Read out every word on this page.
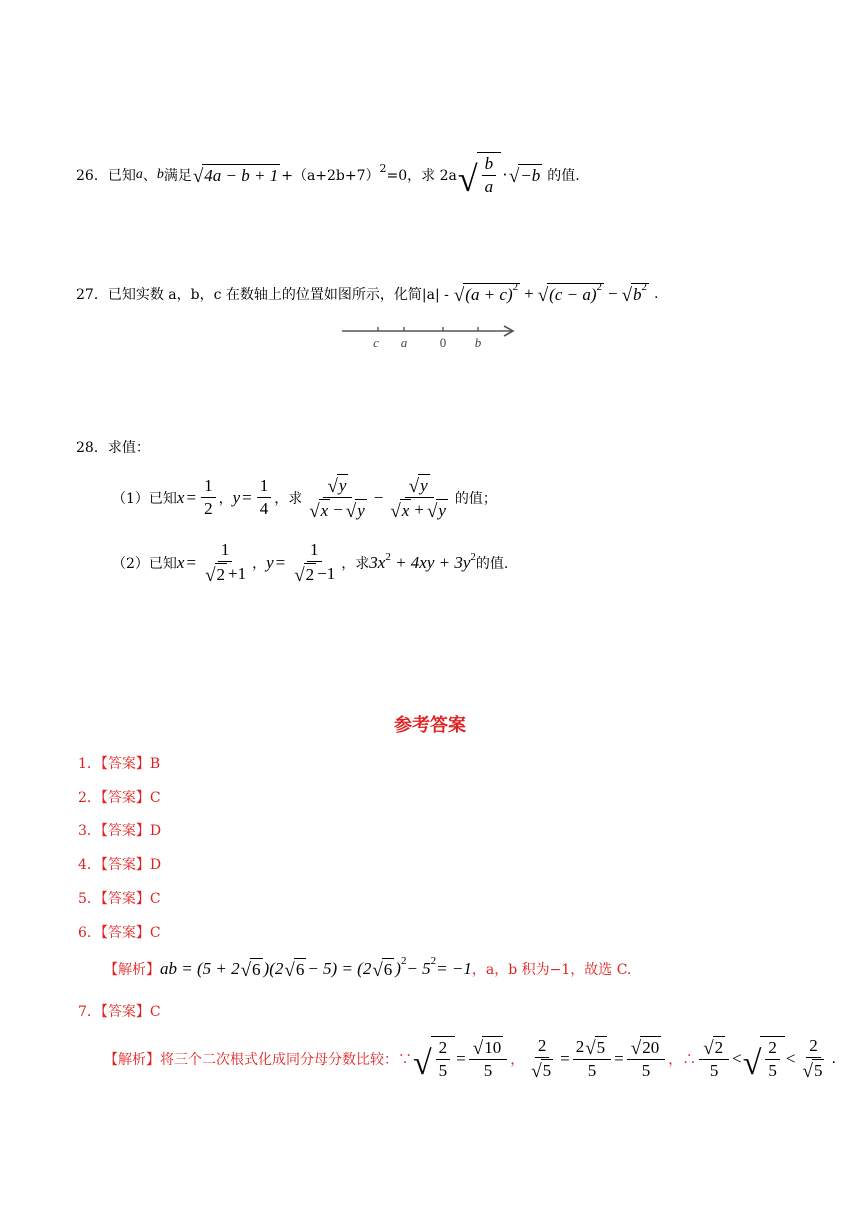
26． 已知 a 、 b 满足 √ 4a − b + 1 +（a+2b+7） 2 =0，求 2a √ $\frac{b}{a}$ · √ −b 的值.
27． 已知实数 a，b，c 在数轴上的位置如图所示，化简|a| - √ (a + c) 2 + √ (c − a) 2 − √ b 2 .
c a	0 b
28． 求值：
（1）已知 $x = \frac{1}{2}$ ， $y = \frac{1}{4}$ ，求 $\frac{√ y}{√ x - √ y} - \frac{√ y}{√ x + √ y}$ 的值；
（2）已知 $x = \frac{1}{√ 2 +1}$ ， $y = \frac{1}{√ 2 -1}$ ，求 $3x^2 + 4xy + 3y^2$ 的值.
参考答案
1．【答案】B
2．【答案】C
3．【答案】D
4．【答案】D
5．【答案】C
6．【答案】C
【解析】 ab = (5 + 2 √ 6 )(2 √ 6 − 5) = (2 √ 6 ) 2 − 5 2 = −1 ，a，b 积为−1，故选 C.
7．【答案】C
【解析】将三个二次根式化成同分母分数比较：∵ √ $\frac{2}{5} = \frac{√ 10}{5}$ ， $\frac{2}{√ 5} = \frac{2 √ 5}{5} = \frac{√ 20}{5}$ ，∴ $\frac{√ 2}{5}$ < √ $\frac{2}{5} < \frac{2}{√ 5}$ .
